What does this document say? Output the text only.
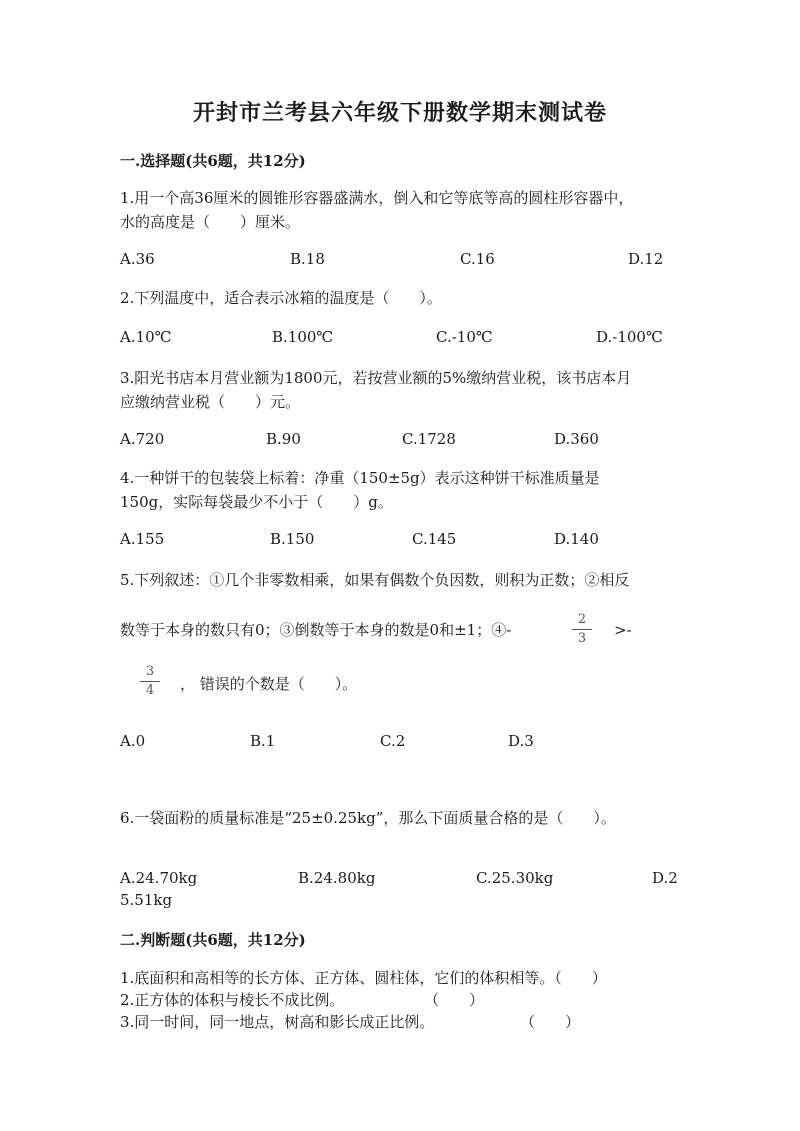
开封市兰考县六年级下册数学期末测试卷
一.选择题(共6题，共12分)
1.用一个高36厘米的圆锥形容器盛满水，倒入和它等底等高的圆柱形容器中，
水的高度是（　　）厘米。
A.36	B.18	C.16	D.12
2.下列温度中，适合表示冰箱的温度是（　　）。
A.10℃	B.100℃	C.-10℃	D.-100℃
3.阳光书店本月营业额为1800元，若按营业额的5%缴纳营业税，该书店本月
应缴纳营业税（　　）元。
A.720	B.90	C.1728	D.360
4.一种饼干的包装袋上标着：净重（150±5g）表示这种饼干标准质量是
150g，实际每袋最少不小于（　　）g。
A.155	B.150	C.145	D.140
5.下列叙述：①几个非零数相乘，如果有偶数个负因数，则积为正数；②相反
数等于本身的数只有0；③倒数等于本身的数是0和±1；④-	$\frac{2}{3}$ >-
$\frac{3}{4}$ ， 错误的个数是（　　）。
A.0	B.1	C.2	D.3
6.一袋面粉的质量标准是“25±0.25kg”，那么下面质量合格的是（　　）。
A.24.70kg	B.24.80kg	C.25.30kg	D.2
5.51kg
二.判断题(共6题，共12分)
1.底面积和高相等的长方体、正方体、圆柱体，它们的体积相等。（　　）
2.正方体的体积与棱长不成比例。	（　　）
3.同一时间，同一地点，树高和影长成正比例。	（　　）
